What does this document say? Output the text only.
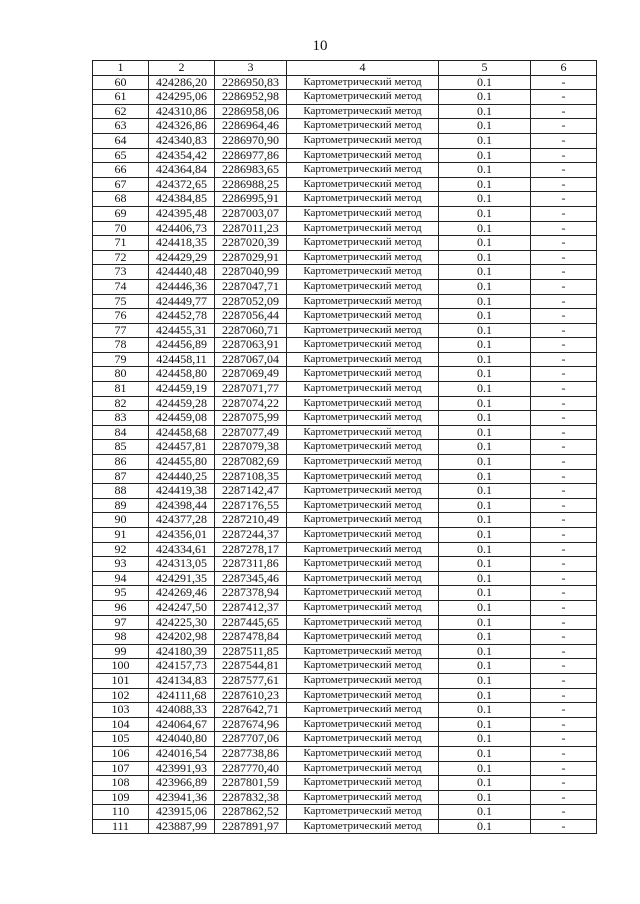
10
1	2	3	4	5	6
60	424286,20	2286950,83	Картометрический метод	0.1	-
61	424295,06	2286952,98	Картометрический метод	0.1	-
62	424310,86	2286958,06	Картометрический метод	0.1	-
63	424326,86	2286964,46	Картометрический метод	0.1	-
64	424340,83	2286970,90	Картометрический метод	0.1	-
65	424354,42	2286977,86	Картометрический метод	0.1	-
66	424364,84	2286983,65	Картометрический метод	0.1	-
67	424372,65	2286988,25	Картометрический метод	0.1	-
68	424384,85	2286995,91	Картометрический метод	0.1	-
69	424395,48	2287003,07	Картометрический метод	0.1	-
70	424406,73	2287011,23	Картометрический метод	0.1	-
71	424418,35	2287020,39	Картометрический метод	0.1	-
72	424429,29	2287029,91	Картометрический метод	0.1	-
73	424440,48	2287040,99	Картометрический метод	0.1	-
74	424446,36	2287047,71	Картометрический метод	0.1	-
75	424449,77	2287052,09	Картометрический метод	0.1	-
76	424452,78	2287056,44	Картометрический метод	0.1	-
77	424455,31	2287060,71	Картометрический метод	0.1	-
78	424456,89	2287063,91	Картометрический метод	0.1	-
79	424458,11	2287067,04	Картометрический метод	0.1	-
80	424458,80	2287069,49	Картометрический метод	0.1	-
81	424459,19	2287071,77	Картометрический метод	0.1	-
82	424459,28	2287074,22	Картометрический метод	0.1	-
83	424459,08	2287075,99	Картометрический метод	0.1	-
84	424458,68	2287077,49	Картометрический метод	0.1	-
85	424457,81	2287079,38	Картометрический метод	0.1	-
86	424455,80	2287082,69	Картометрический метод	0.1	-
87	424440,25	2287108,35	Картометрический метод	0.1	-
88	424419,38	2287142,47	Картометрический метод	0.1	-
89	424398,44	2287176,55	Картометрический метод	0.1	-
90	424377,28	2287210,49	Картометрический метод	0.1	-
91	424356,01	2287244,37	Картометрический метод	0.1	-
92	424334,61	2287278,17	Картометрический метод	0.1	-
93	424313,05	2287311,86	Картометрический метод	0.1	-
94	424291,35	2287345,46	Картометрический метод	0.1	-
95	424269,46	2287378,94	Картометрический метод	0.1	-
96	424247,50	2287412,37	Картометрический метод	0.1	-
97	424225,30	2287445,65	Картометрический метод	0.1	-
98	424202,98	2287478,84	Картометрический метод	0.1	-
99	424180,39	2287511,85	Картометрический метод	0.1	-
100	424157,73	2287544,81	Картометрический метод	0.1	-
101	424134,83	2287577,61	Картометрический метод	0.1	-
102	424111,68	2287610,23	Картометрический метод	0.1	-
103	424088,33	2287642,71	Картометрический метод	0.1	-
104	424064,67	2287674,96	Картометрический метод	0.1	-
105	424040,80	2287707,06	Картометрический метод	0.1	-
106	424016,54	2287738,86	Картометрический метод	0.1	-
107	423991,93	2287770,40	Картометрический метод	0.1	-
108	423966,89	2287801,59	Картометрический метод	0.1	-
109	423941,36	2287832,38	Картометрический метод	0.1	-
110	423915,06	2287862,52	Картометрический метод	0.1	-
111	423887,99	2287891,97	Картометрический метод	0.1	-
